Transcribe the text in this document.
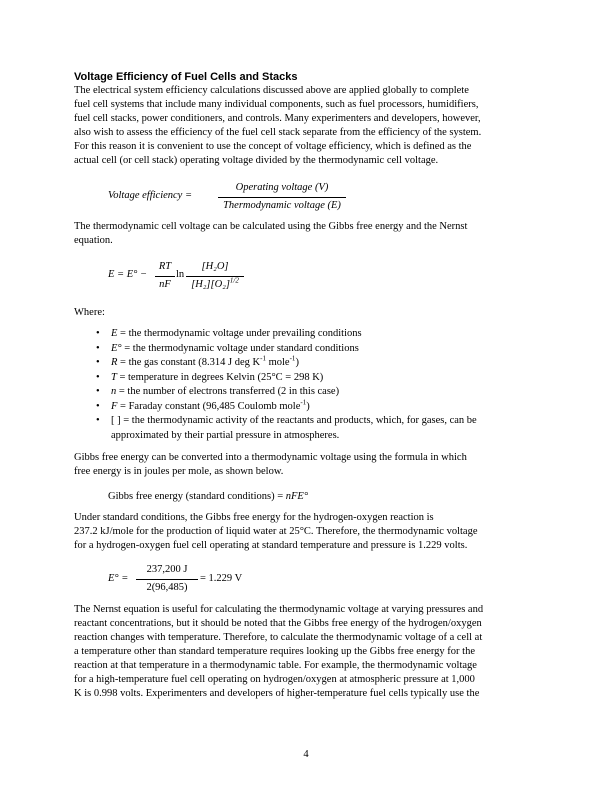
Voltage Efficiency of Fuel Cells and Stacks
The electrical system efficiency calculations discussed above are applied globally to complete
fuel cell systems that include many individual components, such as fuel processors, humidifiers,
fuel cell stacks, power conditioners, and controls. Many experimenters and developers, however,
also wish to assess the efficiency of the fuel cell stack separate from the efficiency of the system.
For this reason it is convenient to use the concept of voltage efficiency, which is defined as the
actual cell (or cell stack) operating voltage divided by the thermodynamic cell voltage.
Voltage efficiency =
Operating voltage (V)
Thermodynamic voltage (E)
The thermodynamic cell voltage can be calculated using the Gibbs free energy and the Nernst
equation.
E = E° −
RT
nF
ln
[H₂O]
$[H_2][O_2]^{1/2}$
Where:
• E = the thermodynamic voltage under prevailing conditions
• E° = the thermodynamic voltage under standard conditions
• R = the gas constant (8.314 J deg $K^{-1}$ mole$^{-1}$)
• T = temperature in degrees Kelvin (25°C = 298 K)
• n = the number of electrons transferred (2 in this case)
• F = Faraday constant (96,485 Coulomb mole$^{-1}$)
• [ ] = the thermodynamic activity of the reactants and products, which, for gases, can be
approximated by their partial pressure in atmospheres.
Gibbs free energy can be converted into a thermodynamic voltage using the formula in which
free energy is in joules per mole, as shown below.
Gibbs free energy (standard conditions) = nFE°
Under standard conditions, the Gibbs free energy for the hydrogen-oxygen reaction is
237.2 kJ/mole for the production of liquid water at 25°C. Therefore, the thermodynamic voltage
for a hydrogen-oxygen fuel cell operating at standard temperature and pressure is 1.229 volts.
E° =
237,200 J
2(96,485)
= 1.229 V
The Nernst equation is useful for calculating the thermodynamic voltage at varying pressures and
reactant concentrations, but it should be noted that the Gibbs free energy of the hydrogen/oxygen
reaction changes with temperature. Therefore, to calculate the thermodynamic voltage of a cell at
a temperature other than standard temperature requires looking up the Gibbs free energy for the
reaction at that temperature in a thermodynamic table. For example, the thermodynamic voltage
for a high-temperature fuel cell operating on hydrogen/oxygen at atmospheric pressure at 1,000
K is 0.998 volts. Experimenters and developers of higher-temperature fuel cells typically use the
4
